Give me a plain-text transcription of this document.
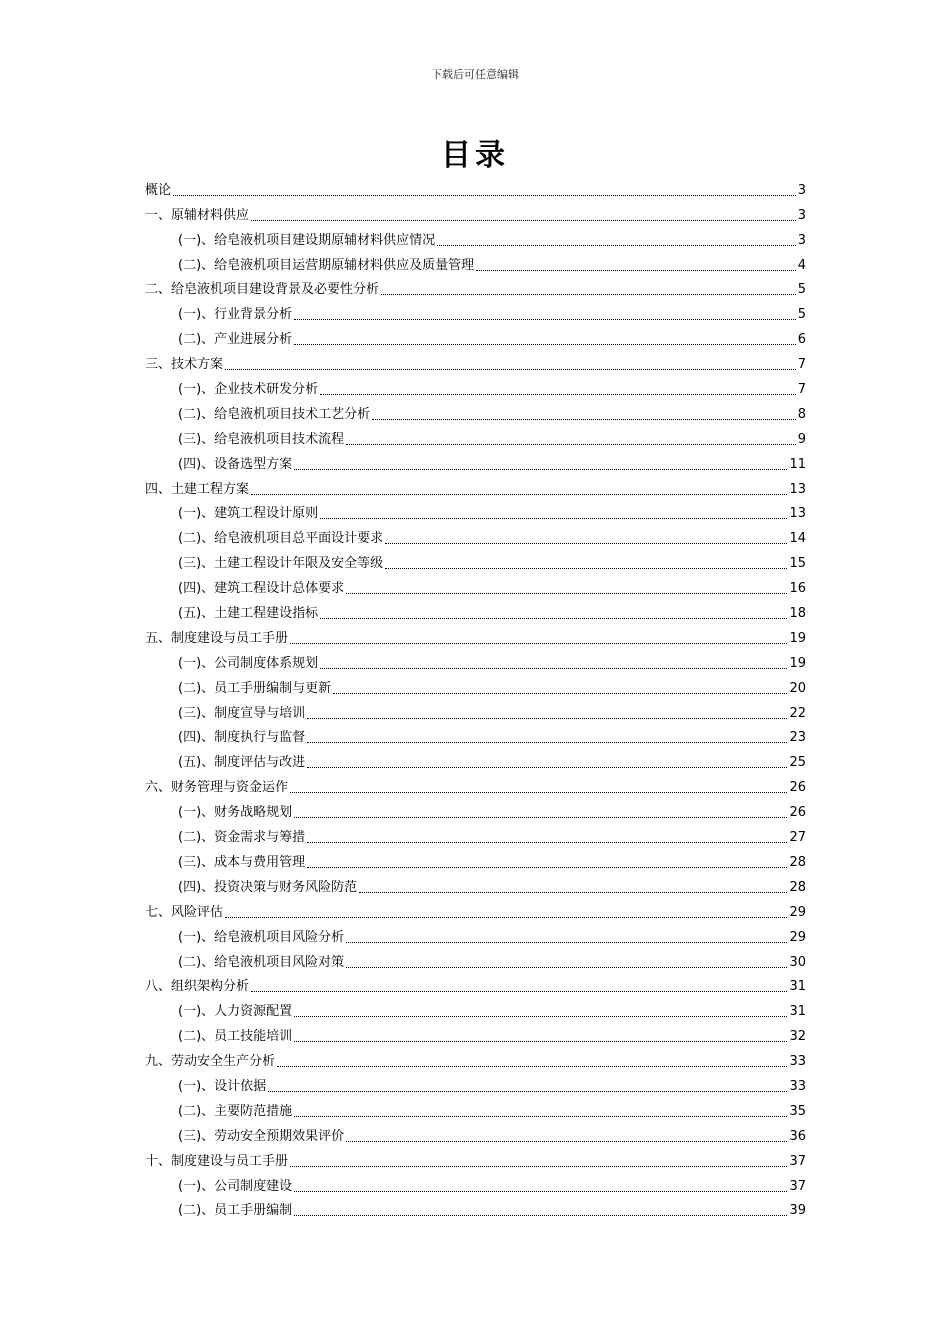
下载后可任意编辑
目录
概论	3
一、原辅材料供应	3
(一)、给皂液机项目建设期原辅材料供应情况	3
(二)、给皂液机项目运营期原辅材料供应及质量管理	4
二、给皂液机项目建设背景及必要性分析	5
(一)、行业背景分析	5
(二)、产业进展分析	6
三、技术方案	7
(一)、企业技术研发分析	7
(二)、给皂液机项目技术工艺分析	8
(三)、给皂液机项目技术流程	9
(四)、设备选型方案	11
四、土建工程方案	13
(一)、建筑工程设计原则	13
(二)、给皂液机项目总平面设计要求	14
(三)、土建工程设计年限及安全等级	15
(四)、建筑工程设计总体要求	16
(五)、土建工程建设指标	18
五、制度建设与员工手册	19
(一)、公司制度体系规划	19
(二)、员工手册编制与更新	20
(三)、制度宣导与培训	22
(四)、制度执行与监督	23
(五)、制度评估与改进	25
六、财务管理与资金运作	26
(一)、财务战略规划	26
(二)、资金需求与筹措	27
(三)、成本与费用管理	28
(四)、投资决策与财务风险防范	28
七、风险评估	29
(一)、给皂液机项目风险分析	29
(二)、给皂液机项目风险对策	30
八、组织架构分析	31
(一)、人力资源配置	31
(二)、员工技能培训	32
九、劳动安全生产分析	33
(一)、设计依据	33
(二)、主要防范措施	35
(三)、劳动安全预期效果评价	36
十、制度建设与员工手册	37
(一)、公司制度建设	37
(二)、员工手册编制	39
